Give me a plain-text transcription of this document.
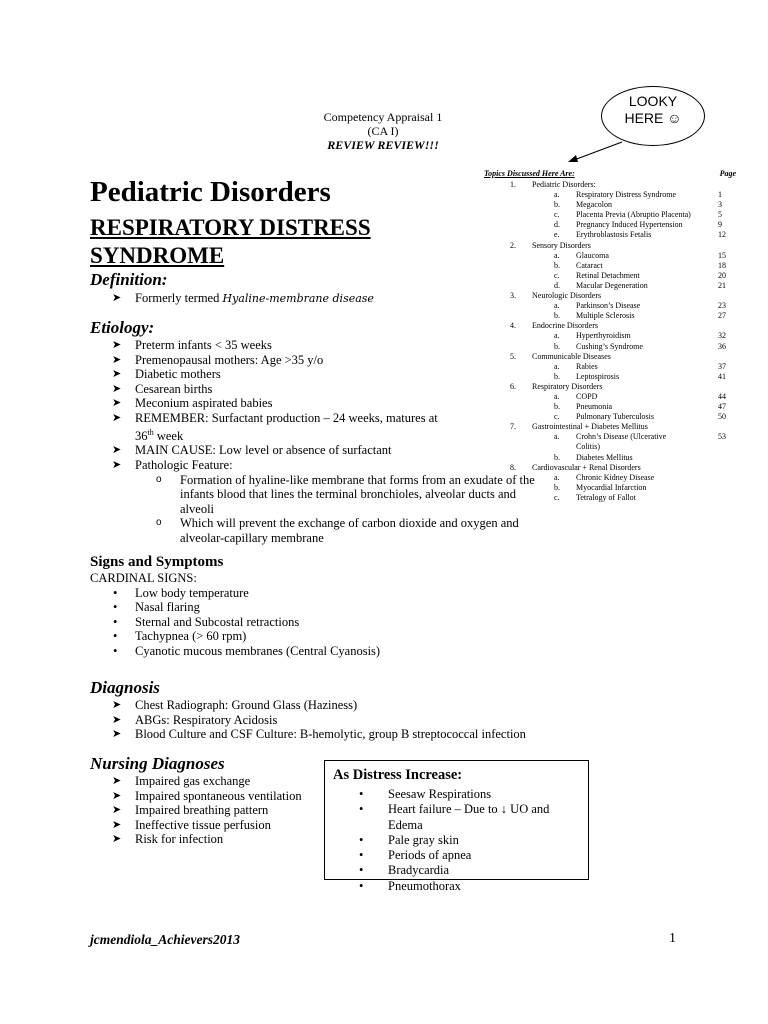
Competency Appraisal 1
(CA I)
REVIEW REVIEW!!!
LOOKY
HERE ☺
Topics Discussed Here Are:	Page
1. Pediatric Disorders:
a. Respiratory Distress Syndrome	1
b. Megacolon	3
c. Placenta Previa (Abruptio Placenta)	5
d. Pregnancy Induced Hypertension	9
e. Erythroblastosis Fetalis	12
2. Sensory Disorders
a. Glaucoma	15
b. Cataract	18
c. Retinal Detachment	20
d. Macular Degeneration	21
3. Neurologic Disorders
a. Parkinson’s Disease	23
b. Multiple Sclerosis	27
4. Endocrine Disorders
a. Hyperthyroidism	32
b. Cushing’s Syndrome	36
5. Communicable Diseases
a. Rabies	37
b. Leptospirosis	41
6. Respiratory Disorders
a. COPD	44
b. Pneumonia	47
c. Pulmonary Tuberculosis	50
7. Gastrointestinal + Diabetes Mellitus
a. Crohn’s Disease (Ulcerative	53
Colitis)
b. Diabetes Mellitus
8. Cardiovascular + Renal Disorders
a. Chronic Kidney Disease
b. Myocardial Infarction
c. Tetralogy of Fallot
Pediatric Disorders
RESPIRATORY DISTRESS SYNDROME
Definition:
➤ Formerly termed Hyaline-membrane disease
Etiology:
➤ Preterm infants < 35 weeks
➤ Premenopausal mothers: Age >35 y/o
➤ Diabetic mothers
➤ Cesarean births
➤ Meconium aspirated babies
➤ REMEMBER: Surfactant production – 24 weeks, matures at 36th week
➤ MAIN CAUSE: Low level or absence of surfactant
➤ Pathologic Feature:
o Formation of hyaline-like membrane that forms from an exudate of the infants blood that lines the terminal bronchioles, alveolar ducts and alveoli
o Which will prevent the exchange of carbon dioxide and oxygen and alveolar-capillary membrane
Signs and Symptoms
CARDINAL SIGNS:
• Low body temperature
• Nasal flaring
• Sternal and Subcostal retractions
• Tachypnea (> 60 rpm)
• Cyanotic mucous membranes (Central Cyanosis)
Diagnosis
➤ Chest Radiograph: Ground Glass (Haziness)
➤ ABGs: Respiratory Acidosis
➤ Blood Culture and CSF Culture: B-hemolytic, group B streptococcal infection
Nursing Diagnoses
➤ Impaired gas exchange
➤ Impaired spontaneous ventilation
➤ Impaired breathing pattern
➤ Ineffective tissue perfusion
➤ Risk for infection
As Distress Increase:
• Seesaw Respirations
• Heart failure – Due to ↓ UO and Edema
• Pale gray skin
• Periods of apnea
• Bradycardia
• Pneumothorax
jcmendiola_Achievers2013	1
